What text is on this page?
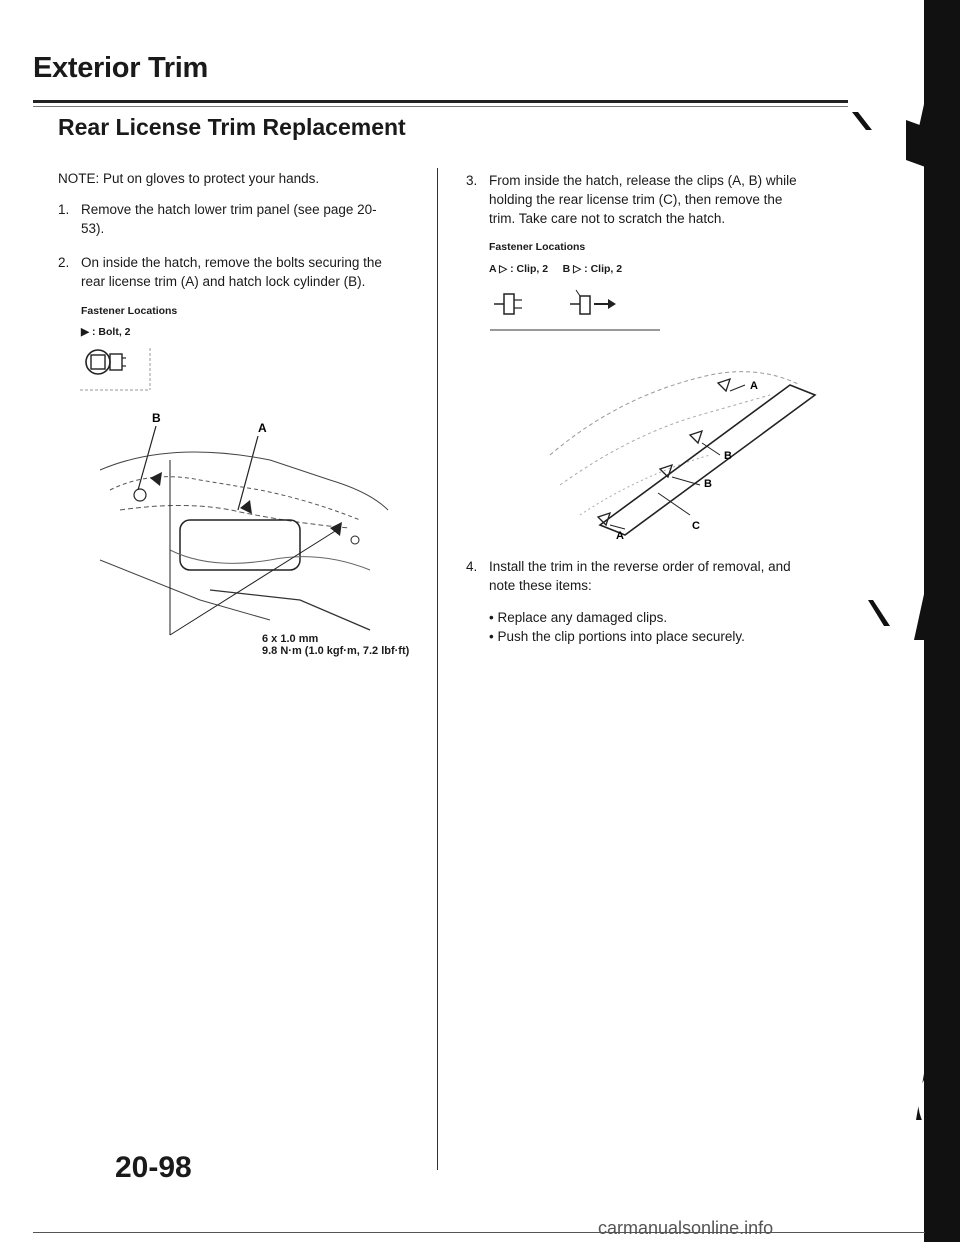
Exterior Trim
Rear License Trim Replacement
NOTE: Put on gloves to protect your hands.
1. Remove the hatch lower trim panel (see page 20-
53).
2. On inside the hatch, remove the bolts securing the
rear license trim (A) and hatch lock cylinder (B).
Fastener Locations
▶ : Bolt, 2
B
A
6 x 1.0 mm
9.8 N·m (1.0 kgf·m, 7.2 lbf·ft)
3. From inside the hatch, release the clips (A, B) while
holding the rear license trim (C), then remove the
trim. Take care not to scratch the hatch.
Fastener Locations
A ▷ : Clip, 2 B ▷ : Clip, 2
A
B
B
C
A
4. Install the trim in the reverse order of removal, and
note these items:
• Replace any damaged clips.
• Push the clip portions into place securely.
20-98
carmanualsonline.info
